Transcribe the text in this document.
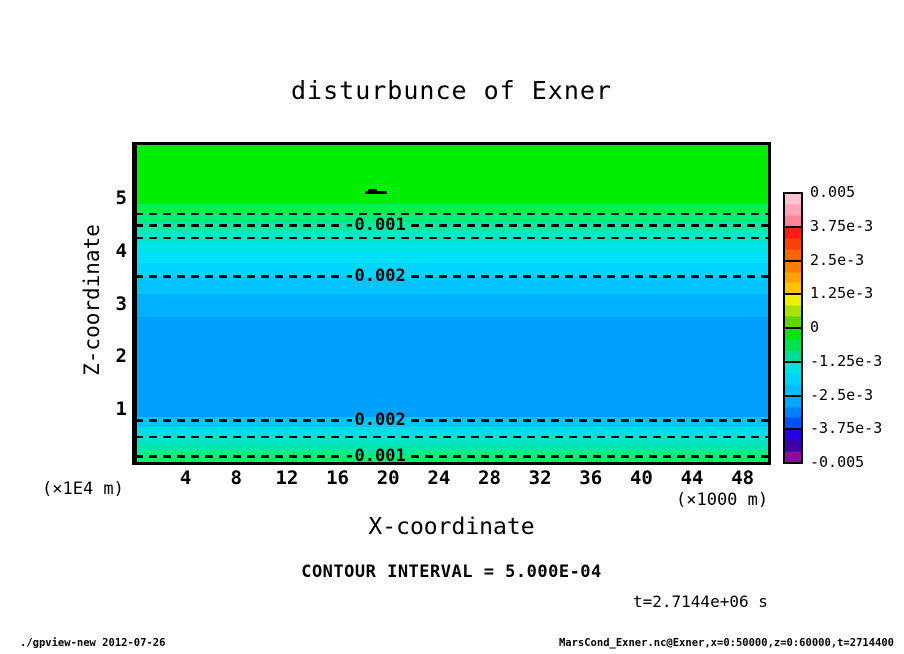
disturbunce of Exner
Z-coordinate
X-coordinate
(×1E4 m)
(×1000 m)
-0.001
-0.002
-0.002
-0.001
CONTOUR INTERVAL = 5.000E-04
t=2.7144e+06 s
./gpview-new 2012-07-26	MarsCond_Exner.nc@Exner,x=0:50000,z=0:60000,t=2714400
0.005
3.75e-3
2.5e-3
1.25e-3
0
-1.25e-3
-2.5e-3
-3.75e-3
-0.005
4	8	12	16	20	24	28	32	36	40	44	48
1
2
3
4
5
